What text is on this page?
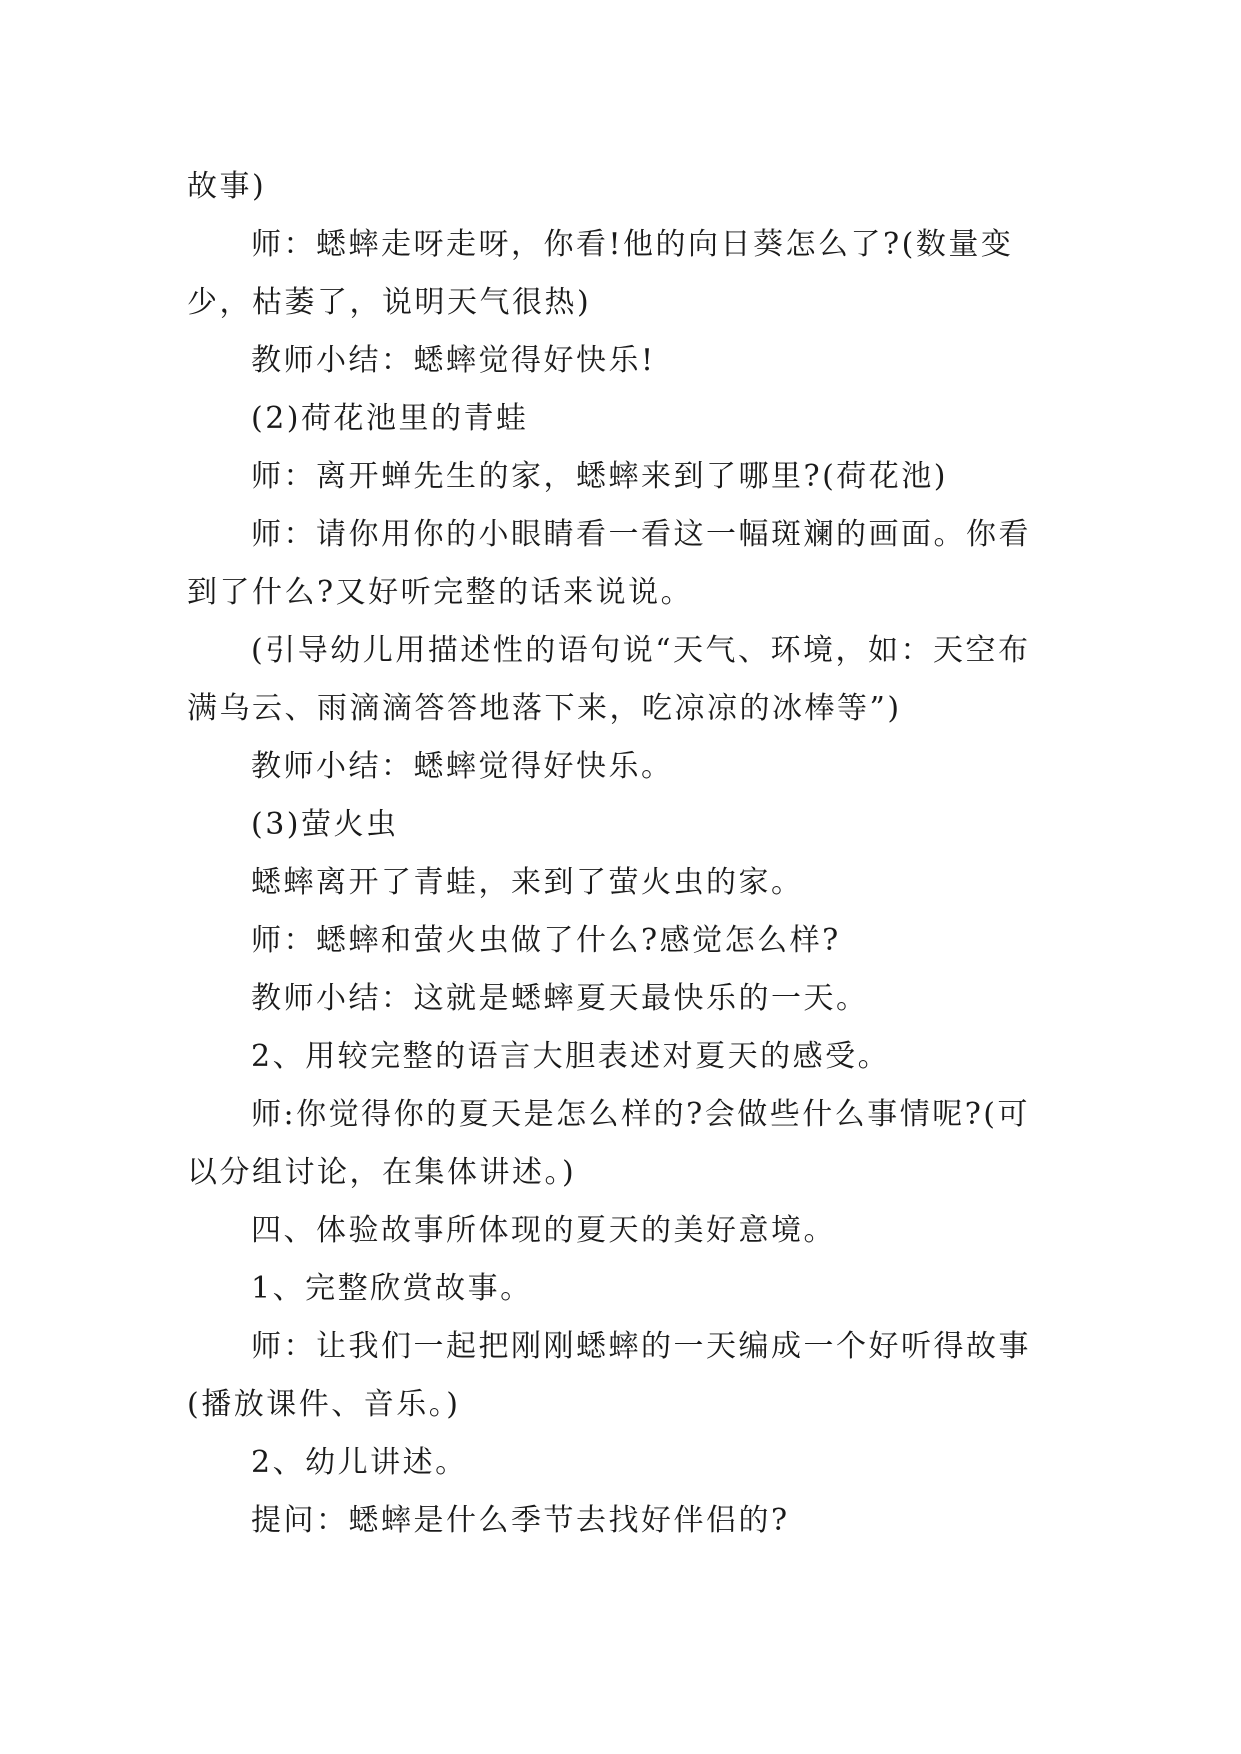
故事)

师：蟋蟀走呀走呀，你看!他的向日葵怎么了?(数量变少，枯萎了，说明天气很热)

教师小结：蟋蟀觉得好快乐!

(2)荷花池里的青蛙

师：离开蝉先生的家，蟋蟀来到了哪里?(荷花池)

师：请你用你的小眼睛看一看这一幅斑斓的画面。你看到了什么?又好听完整的话来说说。

(引导幼儿用描述性的语句说“天气、环境，如：天空布满乌云、雨滴滴答答地落下来，吃凉凉的冰棒等”)

教师小结：蟋蟀觉得好快乐。

(3)萤火虫

蟋蟀离开了青蛙，来到了萤火虫的家。

师：蟋蟀和萤火虫做了什么?感觉怎么样?

教师小结：这就是蟋蟀夏天最快乐的一天。

2、用较完整的语言大胆表述对夏天的感受。

师:你觉得你的夏天是怎么样的?会做些什么事情呢?(可以分组讨论，在集体讲述。)

四、体验故事所体现的夏天的美好意境。

1、完整欣赏故事。

师：让我们一起把刚刚蟋蟀的一天编成一个好听得故事(播放课件、音乐。)

2、幼儿讲述。

提问：蟋蟀是什么季节去找好伴侣的?
